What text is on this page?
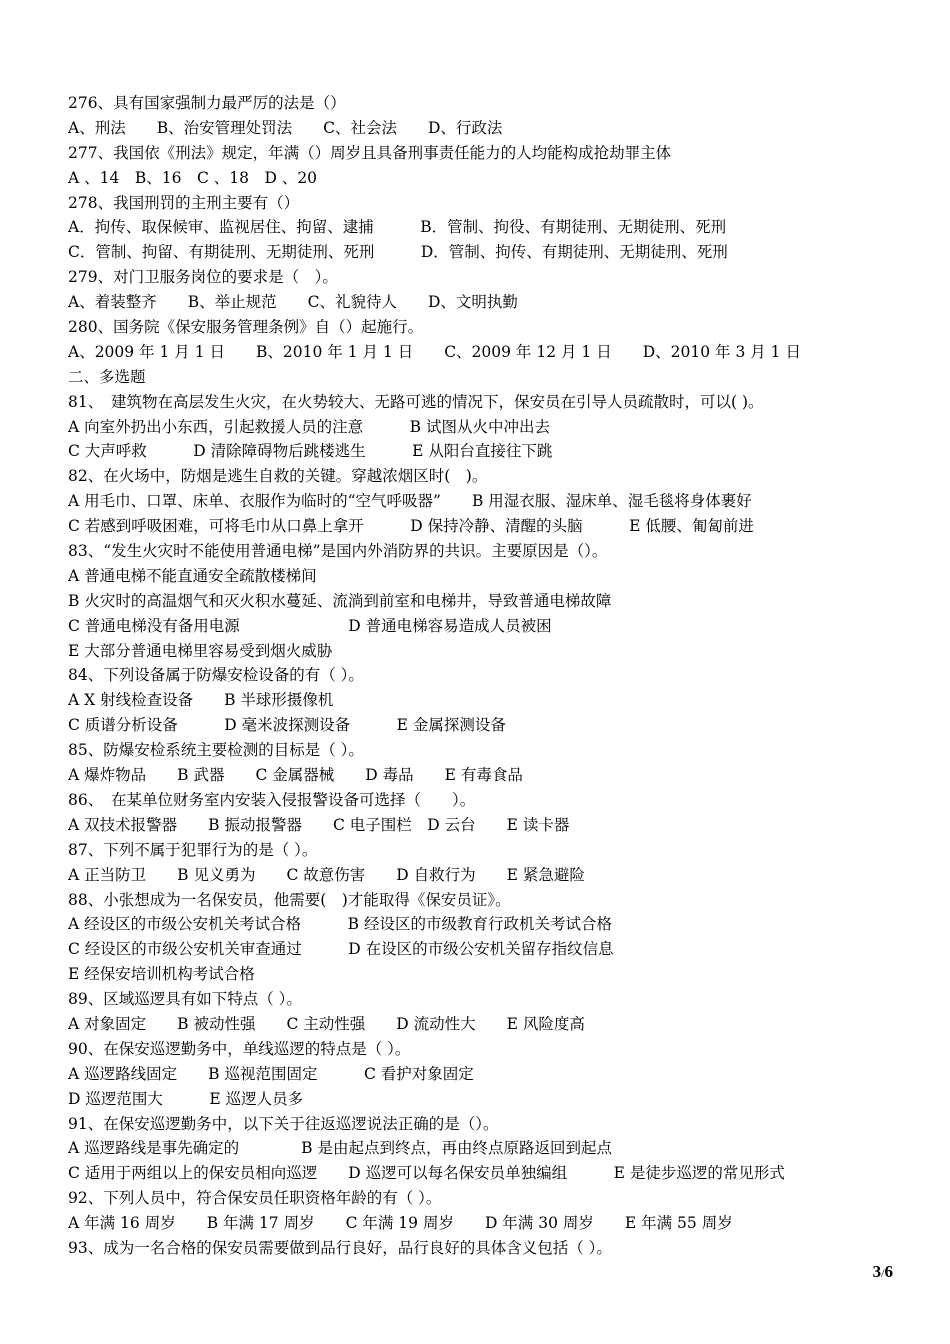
276、具有国家强制力最严厉的法是（）
A、刑法　　B、治安管理处罚法　　C、社会法　　D、行政法
277、我国依《刑法》规定，年满（）周岁且具备刑事责任能力的人均能构成抢劫罪主体
A 、14　B、16　C 、18　D 、20
278、我国刑罚的主刑主要有（）
A．拘传、取保候审、监视居住、拘留、逮捕　　　B．管制、拘役、有期徒刑、无期徒刑、死刑
C．管制、拘留、有期徒刑、无期徒刑、死刑　　　D．管制、拘传、有期徒刑、无期徒刑、死刑
279、对门卫服务岗位的要求是（　）。
A、着装整齐　　B、举止规范　　C、礼貌待人　　D、文明执勤
280、国务院《保安服务管理条例》自（）起施行。
A、2009 年 1 月 1 日　　B、2010 年 1 月 1 日　　C、2009 年 12 月 1 日　　D、2010 年 3 月 1 日
二、多选题
81、　建筑物在高层发生火灾，在火势较大、无路可逃的情况下，保安员在引导人员疏散时，可以( )。
A 向室外扔出小东西，引起救援人员的注意　　　B 试图从火中冲出去
C 大声呼救　　　D 清除障碍物后跳楼逃生　　　E 从阳台直接往下跳
82、在火场中，防烟是逃生自救的关键。穿越浓烟区时(　)。
A 用毛巾、口罩、床单、衣服作为临时的“空气呼吸器”　　B 用湿衣服、湿床单、湿毛毯将身体裹好
C 若感到呼吸困难，可将毛巾从口鼻上拿开　　　D 保持冷静、清醒的头脑　　　E 低腰、匍匐前进
83、“发生火灾时不能使用普通电梯”是国内外消防界的共识。主要原因是（）。
A 普通电梯不能直通安全疏散楼梯间
B 火灾时的高温烟气和灭火积水蔓延、流淌到前室和电梯井，导致普通电梯故障
C 普通电梯没有备用电源　　　　　　　D 普通电梯容易造成人员被困
E 大部分普通电梯里容易受到烟火威胁
84、下列设备属于防爆安检设备的有（ ）。
A X 射线检查设备　　B 半球形摄像机
C 质谱分析设备　　　D 毫米波探测设备　　　E 金属探测设备
85、防爆安检系统主要检测的目标是（ ）。
A 爆炸物品　　B 武器　　C 金属器械　　D 毒品　　E 有毒食品
86、　在某单位财务室内安装入侵报警设备可选择（　　）。
A 双技术报警器　　B 振动报警器　　C 电子围栏　D 云台　　E 读卡器
87、下列不属于犯罪行为的是（ ）。
A 正当防卫　　B 见义勇为　　C 故意伤害　　D 自救行为　　E 紧急避险
88、小张想成为一名保安员，他需要(　)才能取得《保安员证》。
A 经设区的市级公安机关考试合格　　　B 经设区的市级教育行政机关考试合格
C 经设区的市级公安机关审查通过　　　D 在设区的市级公安机关留存指纹信息
E 经保安培训机构考试合格
89、区域巡逻具有如下特点（ ）。
A 对象固定　　B 被动性强　　C 主动性强　　D 流动性大　　E 风险度高
90、在保安巡逻勤务中，单线巡逻的特点是（ ）。
A 巡逻路线固定　　B 巡视范围固定　　　C 看护对象固定
D 巡逻范围大　　　E 巡逻人员多
91、在保安巡逻勤务中，以下关于往返巡逻说法正确的是（）。
A 巡逻路线是事先确定的　　　　B 是由起点到终点，再由终点原路返回到起点
C 适用于两组以上的保安员相向巡逻　　D 巡逻可以每名保安员单独编组　　　E 是徒步巡逻的常见形式
92、下列人员中，符合保安员任职资格年龄的有（ ）。
A 年满 16 周岁　　B 年满 17 周岁　　C 年满 19 周岁　　D 年满 30 周岁　　E 年满 55 周岁
93、成为一名合格的保安员需要做到品行良好，品行良好的具体含义包括（ ）。
3/6
